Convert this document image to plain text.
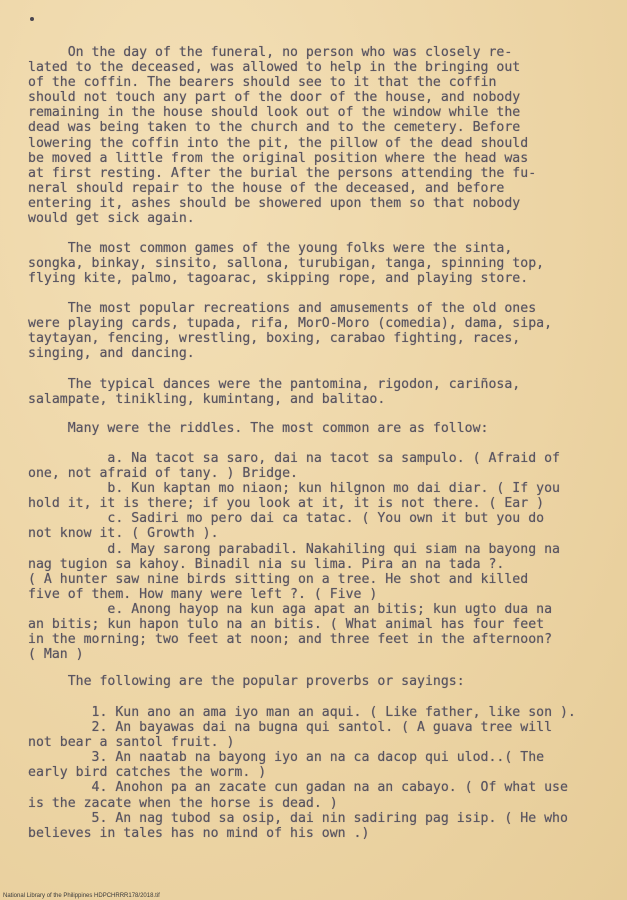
On the day of the funeral, no person who was closely re-
lated to the deceased, was allowed to help in the bringing out
of the coffin. The bearers should see to it that the coffin
should not touch any part of the door of the house, and nobody
remaining in the house should look out of the window while the
dead was being taken to the church and to the cemetery. Before
lowering the coffin into the pit, the pillow of the dead should
be moved a little from the original position where the head was
at first resting. After the burial the persons attending the fu-
neral should repair to the house of the deceased, and before
entering it, ashes should be showered upon them so that nobody
would get sick again.
The most common games of the young folks were the sinta,
songka, binkay, sinsito, sallona, turubigan, tanga, spinning top,
flying kite, palmo, tagoarac, skipping rope, and playing store.
The most popular recreations and amusements of the old ones
were playing cards, tupada, rifa, MorO-Moro (comedia), dama, sipa,
taytayan, fencing, wrestling, boxing, carabao fighting, races,
singing, and dancing.
The typical dances were the pantomina, rigodon, cariñosa,
salampate, tinikling, kumintang, and balitao.
Many were the riddles. The most common are as follow:
a. Na tacot sa saro, dai na tacot sa sampulo. ( Afraid of
one, not afraid of tany. ) Bridge.
b. Kun kaptan mo niaon; kun hilgnon mo dai diar. ( If you
hold it, it is there; if you look at it, it is not there. ( Ear )
c. Sadiri mo pero dai ca tatac. ( You own it but you do
not know it. ( Growth ).
d. May sarong parabadil. Nakahiling qui siam na bayong na
nag tugion sa kahoy. Binadil nia su lima. Pira an na tada ?.
( A hunter saw nine birds sitting on a tree. He shot and killed
five of them. How many were left ?. ( Five )
e. Anong hayop na kun aga apat an bitis; kun ugto dua na
an bitis; kun hapon tulo na an bitis. ( What animal has four feet
in the morning; two feet at noon; and three feet in the afternoon?
( Man )
The following are the popular proverbs or sayings:
1. Kun ano an ama iyo man an aqui. ( Like father, like son ).
2. An bayawas dai na bugna qui santol. ( A guava tree will
not bear a santol fruit. )
3. An naatab na bayong iyo an na ca dacop qui ulod..( The
early bird catches the worm. )
4. Anohon pa an zacate cun gadan na an cabayo. ( Of what use
is the zacate when the horse is dead. )
5. An nag tubod sa osip, dai nin sadiring pag isip. ( He who
believes in tales has no mind of his own .)
National Library of the Philippines HDPCHRRR178/2018.tif
